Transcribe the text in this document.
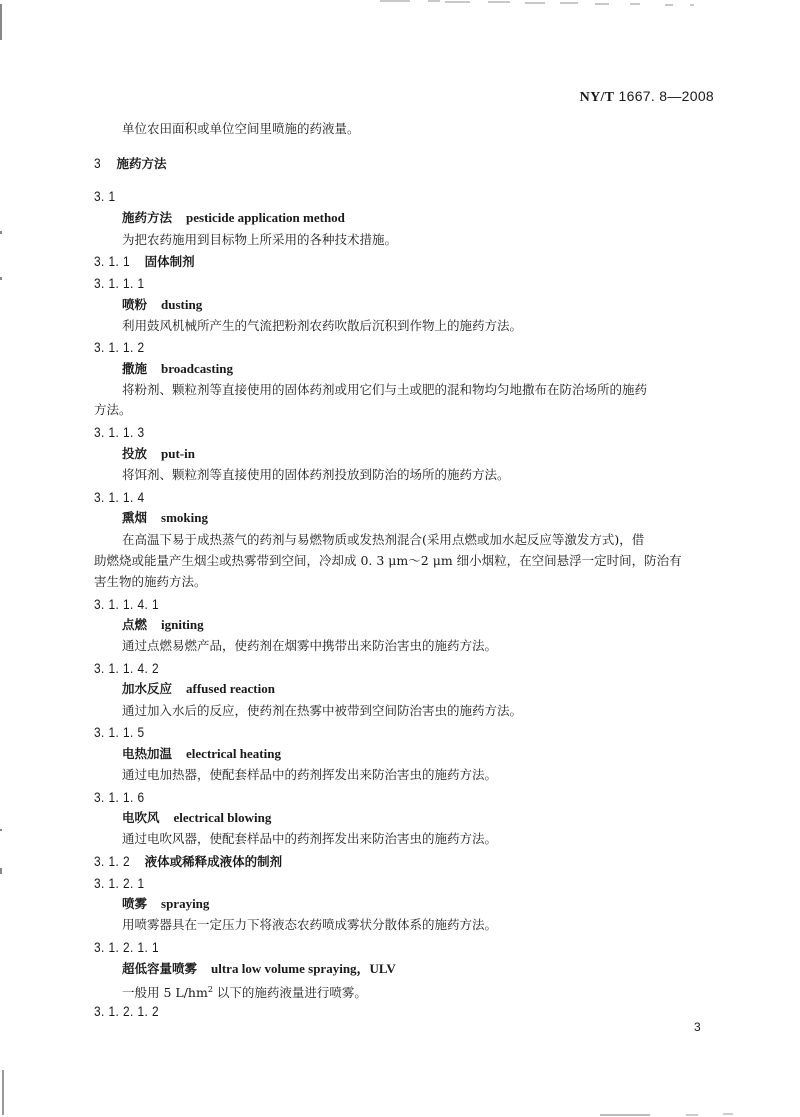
NY/T 1667. 8—2008
单位农田面积或单位空间里喷施的药液量。
3 施药方法
3. 1
施药方法 pesticide application method
为把农药施用到目标物上所采用的各种技术措施。
3. 1. 1 固体制剂
3. 1. 1. 1
喷粉 dusting
利用鼓风机械所产生的气流把粉剂农药吹散后沉积到作物上的施药方法。
3. 1. 1. 2
撒施 broadcasting
将粉剂、颗粒剂等直接使用的固体药剂或用它们与土或肥的混和物均匀地撒布在防治场所的施药
方法。
3. 1. 1. 3
投放 put-in
将饵剂、颗粒剂等直接使用的固体药剂投放到防治的场所的施药方法。
3. 1. 1. 4
熏烟 smoking
在高温下易于成热蒸气的药剂与易燃物质或发热剂混合(采用点燃或加水起反应等激发方式)，借
助燃烧或能量产生烟尘或热雾带到空间，冷却成 0. 3 μm～2 μm 细小烟粒，在空间悬浮一定时间，防治有
害生物的施药方法。
3. 1. 1. 4. 1
点燃 igniting
通过点燃易燃产品，使药剂在烟雾中携带出来防治害虫的施药方法。
3. 1. 1. 4. 2
加水反应 affused reaction
通过加入水后的反应，使药剂在热雾中被带到空间防治害虫的施药方法。
3. 1. 1. 5
电热加温 electrical heating
通过电加热器，使配套样品中的药剂挥发出来防治害虫的施药方法。
3. 1. 1. 6
电吹风 electrical blowing
通过电吹风器，使配套样品中的药剂挥发出来防治害虫的施药方法。
3. 1. 2 液体或稀释成液体的制剂
3. 1. 2. 1
喷雾 spraying
用喷雾器具在一定压力下将液态农药喷成雾状分散体系的施药方法。
3. 1. 2. 1. 1
超低容量喷雾 ultra low volume spraying，ULV
一般用 5 $L/hm^2$ 以下的施药液量进行喷雾。
3. 1. 2. 1. 2
3
